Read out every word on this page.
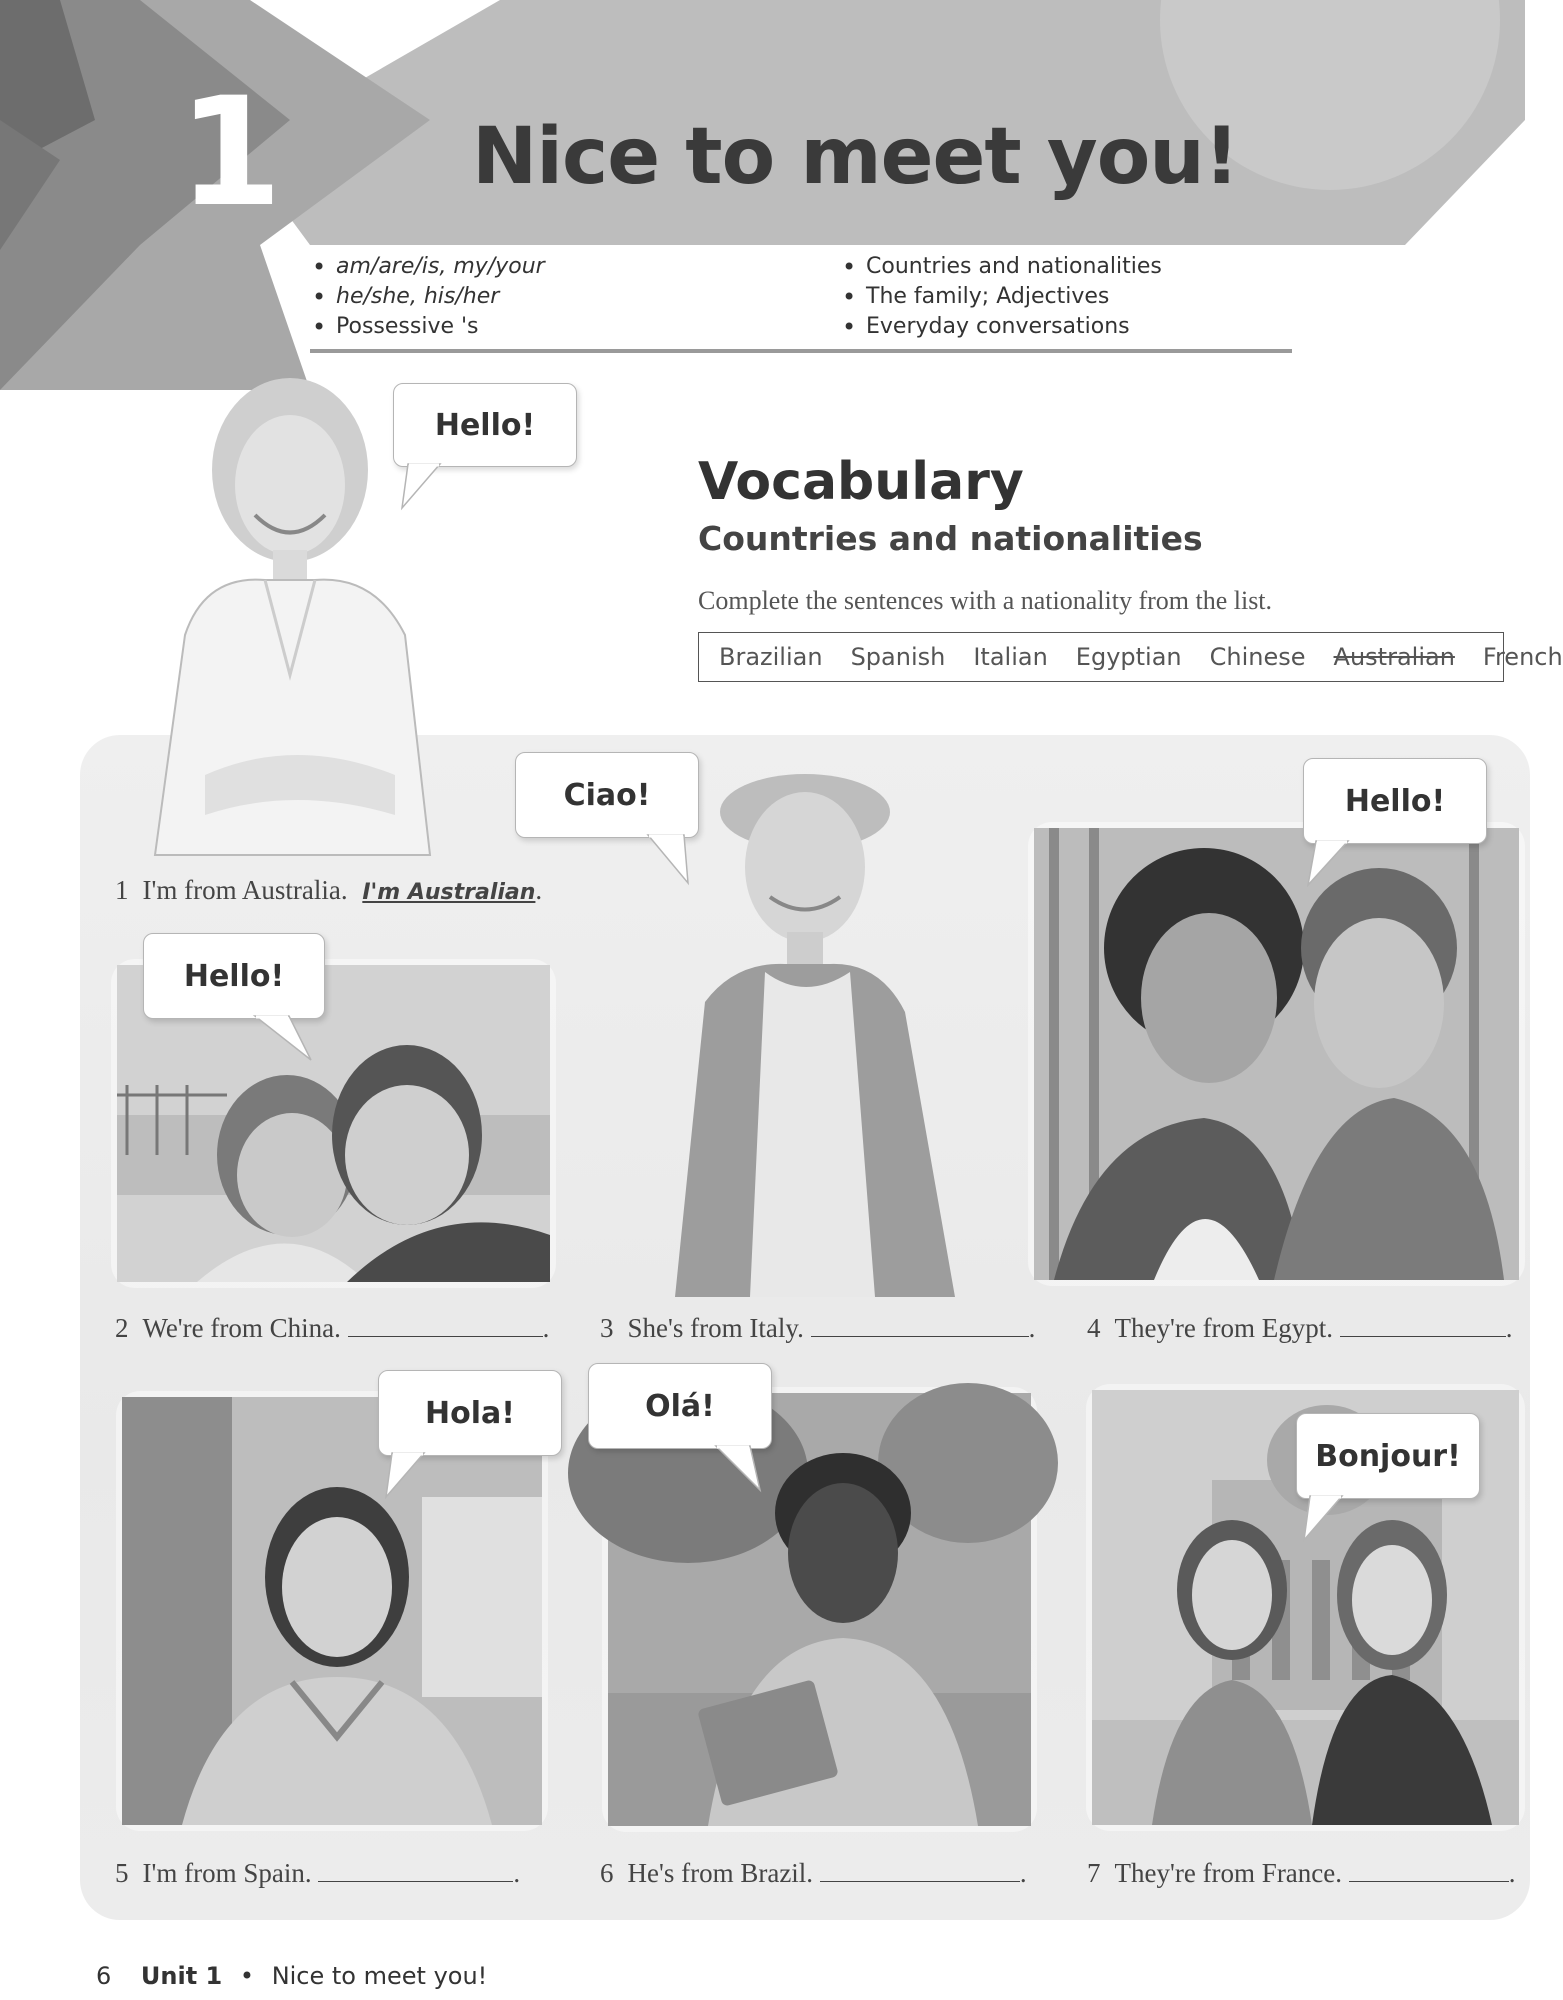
1 Nice to meet you!
• am/are/is, my/your
• he/she, his/her
• Possessive 's
• Countries and nationalities
• The family; Adjectives
• Everyday conversations
Hello!
1 I'm from Australia. I'm Australian.
Hello!
Ciao!	Hello!
2 We're from China.	. 3 She's from Italy.	. 4 They're from Egypt.	.
Hola!	Olá!
Bonjour!
5 I'm from Spain.	.	6 He's from Brazil.	. 7 They're from France.	.
Vocabulary
Countries and nationalities
Complete the sentences with a nationality from the list.
Brazilian Spanish Italian Egyptian Chinese Australian French
6 Unit 1 • Nice to meet you!
